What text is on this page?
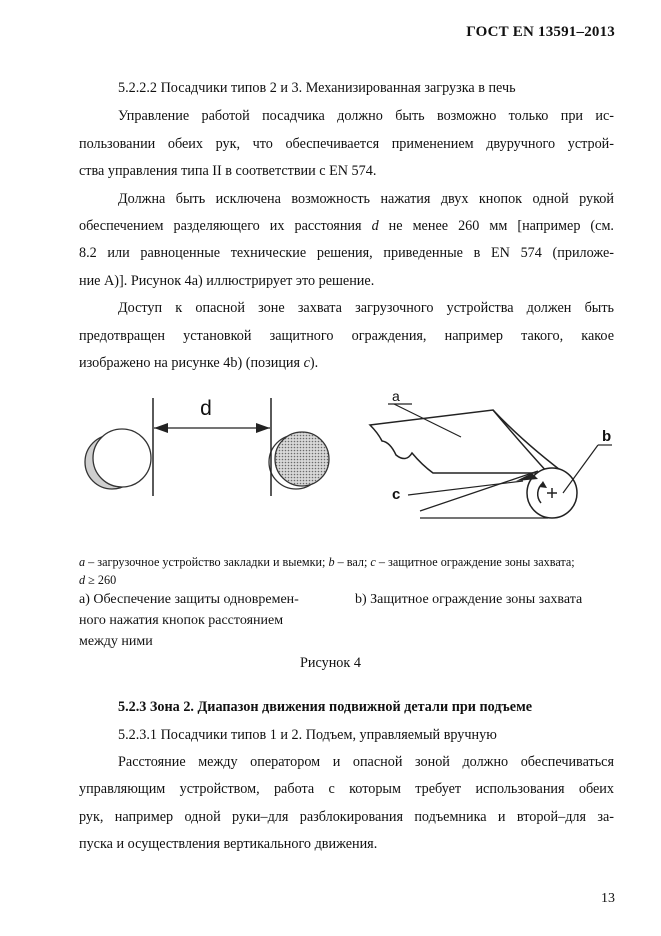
ГОСТ EN 13591–2013
5.2.2.2 Посадчики типов 2 и 3. Механизированная загрузка в печь
Управление работой посадчика должно быть возможно только при ис-
пользовании обеих рук, что обеспечивается применением двуручного устрой-
ства управления типа II в соответствии с EN 574.
Должна быть исключена возможность нажатия двух кнопок одной рукой
обеспечением разделяющего их расстояния d не менее 260 мм [например (см.
8.2 или равноценные технические решения, приведенные в EN 574 (приложе-
ние А)]. Рисунок 4а) иллюстрирует это решение.
Доступ к опасной зоне захвата загрузочного устройства должен быть
предотвращен установкой защитного ограждения, например такого, какое
изображено на рисунке 4b) (позиция c).
d
a
b
c
a – загрузочное устройство закладки и выемки; b – вал; c – защитное ограждение зоны захвата;
d ≥ 260
а) Обеспечение защиты одновремен-
ного нажатия кнопок расстоянием
между ними
b) Защитное ограждение зоны захвата
Рисунок 4
5.2.3 Зона 2. Диапазон движения подвижной детали при подъеме
5.2.3.1 Посадчики типов 1 и 2. Подъем, управляемый вручную
Расстояние между оператором и опасной зоной должно обеспечиваться
управляющим устройством, работа с которым требует использования обеих
рук, например одной руки–для разблокирования подъемника и второй–для за-
пуска и осуществления вертикального движения.
13
